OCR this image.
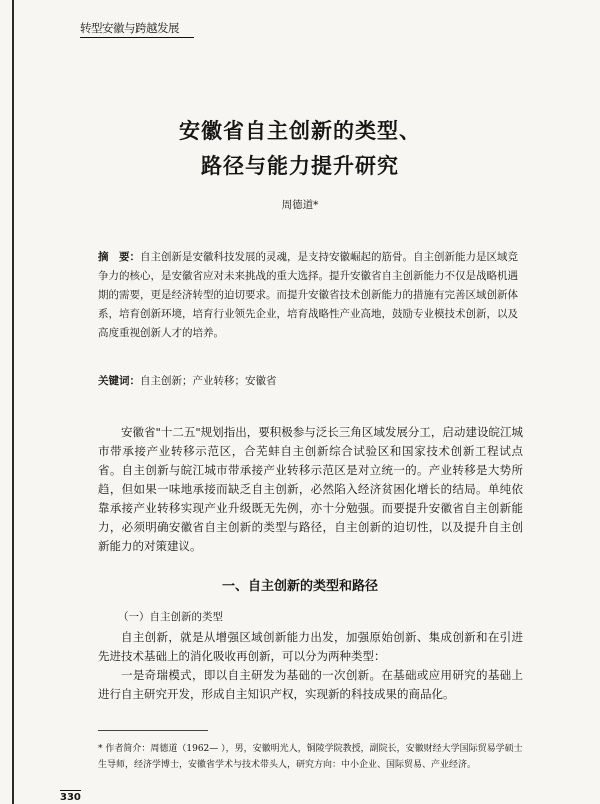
转型安徽与跨越发展
安徽省自主创新的类型、
路径与能力提升研究
周德道*
摘　要：自主创新是安徽科技发展的灵魂，是支持安徽崛起的筋骨。自主创新能力是区域竞争力的核心，是安徽省应对未来挑战的重大选择。提升安徽省自主创新能力不仅是战略机遇期的需要，更是经济转型的迫切要求。而提升安徽省技术创新能力的措施有完善区域创新体系，培育创新环境，培育行业领先企业，培育战略性产业高地，鼓励专业模技术创新，以及高度重视创新人才的培养。
关键词：自主创新；产业转移；安徽省
安徽省"十二五"规划指出，要积极参与泛长三角区域发展分工，启动建设皖江城市带承接产业转移示范区，合芜蚌自主创新综合试验区和国家技术创新工程试点省。自主创新与皖江城市带承接产业转移示范区是对立统一的。产业转移是大势所趋，但如果一味地承接而缺乏自主创新，必然陷入经济贫困化增长的结局。单纯依靠承接产业转移实现产业升级既无先例，亦十分勉强。而要提升安徽省自主创新能力，必须明确安徽省自主创新的类型与路径，自主创新的迫切性，以及提升自主创新能力的对策建议。
一、自主创新的类型和路径
（一）自主创新的类型
自主创新，就是从增强区域创新能力出发，加强原始创新、集成创新和在引进先进技术基础上的消化吸收再创新，可以分为两种类型：
一是奇瑞模式，即以自主研发为基础的一次创新。在基础或应用研究的基础上进行自主研究开发，形成自主知识产权，实现新的科技成果的商品化。
* 作者简介：周德道（1962— ），男，安徽明光人，铜陵学院教授，副院长，安徽财经大学国际贸易学硕士生导师，经济学博士，安徽省学术与技术带头人，研究方向：中小企业、国际贸易、产业经济。
330
